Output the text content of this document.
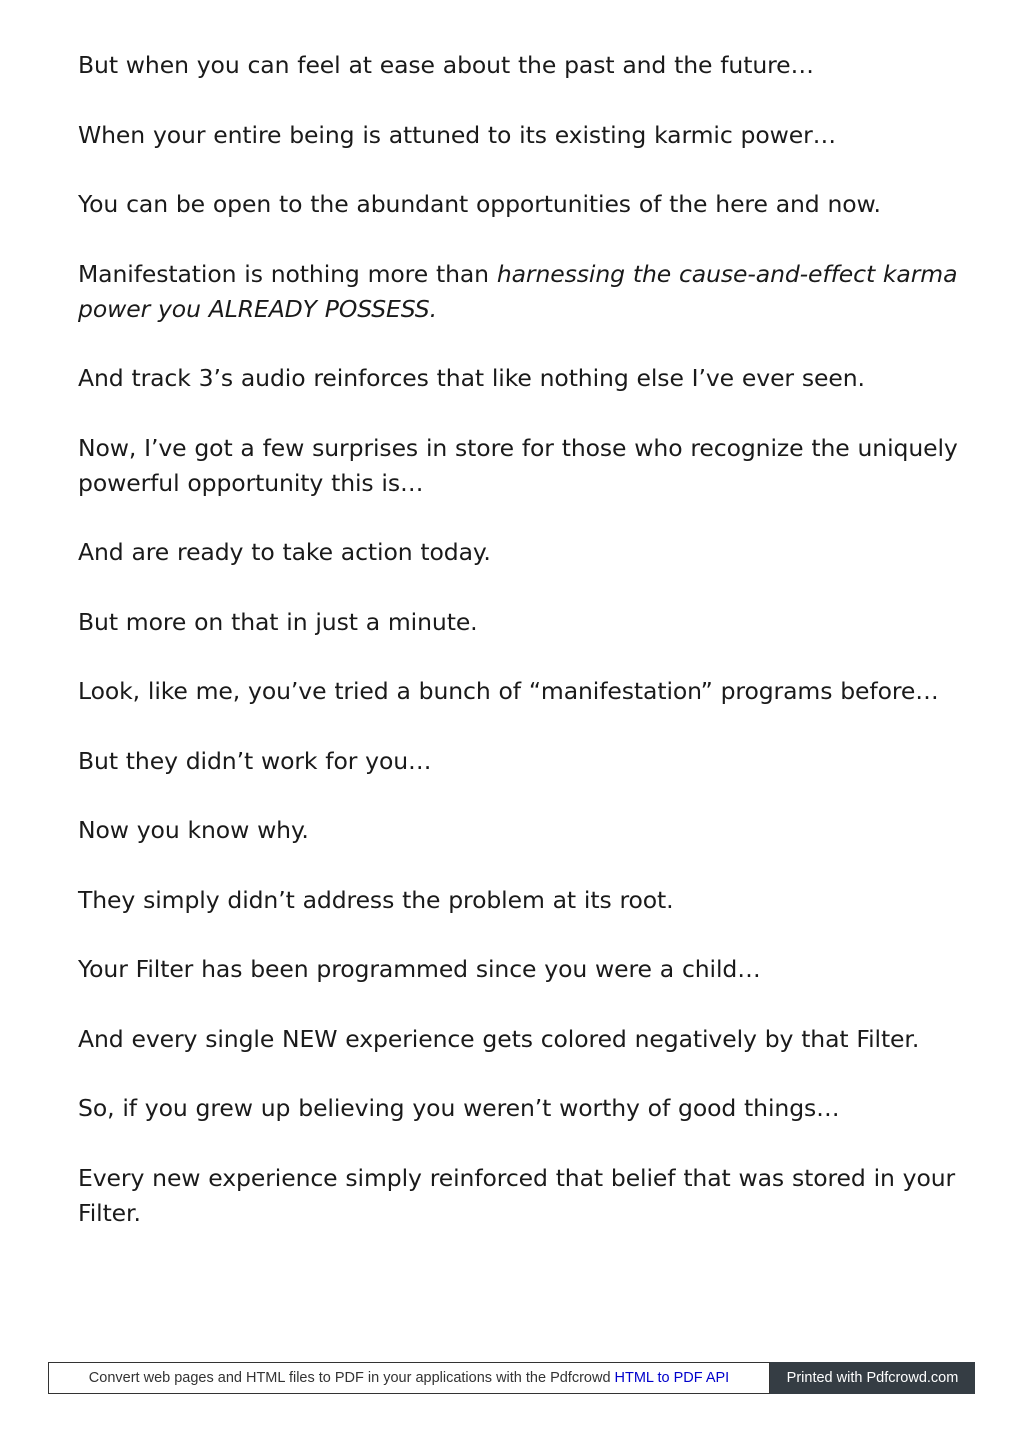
But when you can feel at ease about the past and the future…

When your entire being is attuned to its existing karmic power…

You can be open to the abundant opportunities of the here and now.

Manifestation is nothing more than harnessing the cause-and-effect karma power you ALREADY POSSESS.

And track 3’s audio reinforces that like nothing else I’ve ever seen.

Now, I’ve got a few surprises in store for those who recognize the uniquely powerful opportunity this is…

And are ready to take action today.

But more on that in just a minute.

Look, like me, you’ve tried a bunch of “manifestation” programs before…

But they didn’t work for you…

Now you know why.

They simply didn’t address the problem at its root.

Your Filter has been programmed since you were a child…

And every single NEW experience gets colored negatively by that Filter.

So, if you grew up believing you weren’t worthy of good things…

Every new experience simply reinforced that belief that was stored in your Filter.

Convert web pages and HTML files to PDF in your applications with the Pdfcrowd HTML to PDF API	Printed with Pdfcrowd.com
